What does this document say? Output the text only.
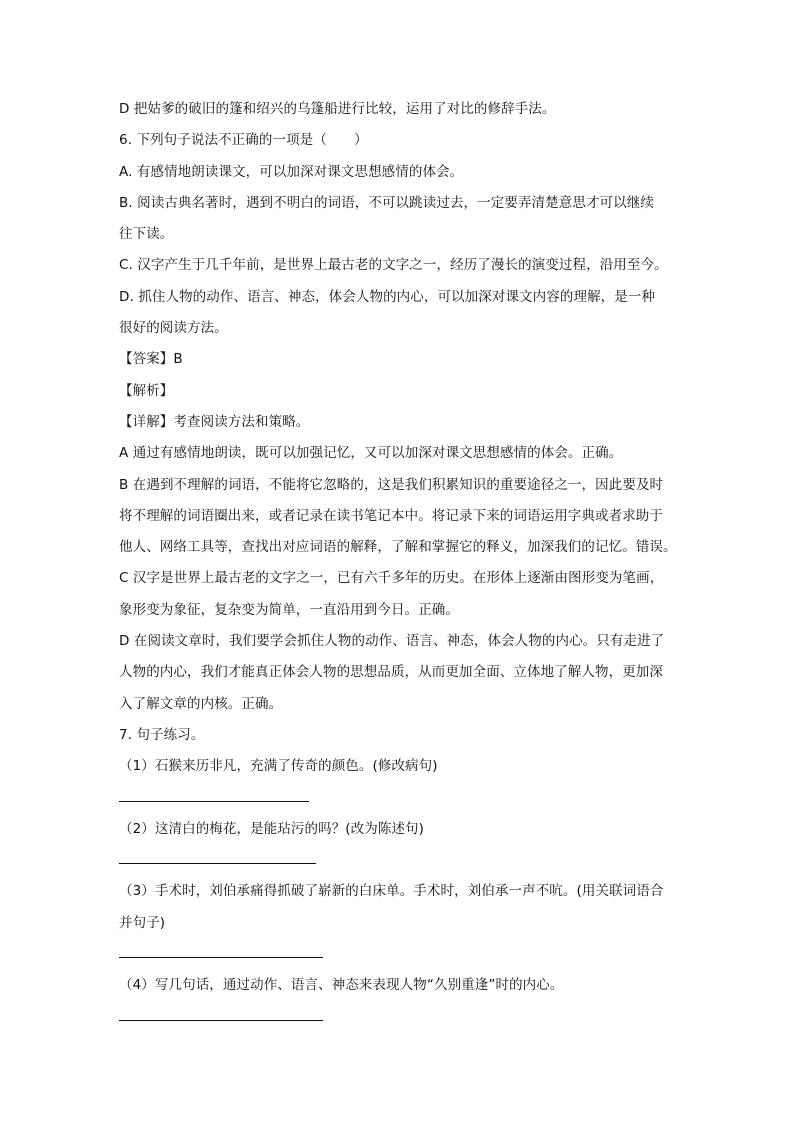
D 把姑爹的破旧的篷和绍兴的乌篷船进行比较，运用了对比的修辞手法。
6. 下列句子说法不正确的一项是（　　）
A. 有感情地朗读课文，可以加深对课文思想感情的体会。
B. 阅读古典名著时，遇到不明白的词语，不可以跳读过去，一定要弄清楚意思才可以继续
往下读。
C. 汉字产生于几千年前，是世界上最古老的文字之一，经历了漫长的演变过程，沿用至今。
D. 抓住人物的动作、语言、神态，体会人物的内心，可以加深对课文内容的理解，是一种
很好的阅读方法。
【答案】B
【解析】
【详解】考查阅读方法和策略。
A 通过有感情地朗读，既可以加强记忆，又可以加深对课文思想感情的体会。正确。
B 在遇到不理解的词语，不能将它忽略的，这是我们积累知识的重要途径之一，因此要及时
将不理解的词语圈出来，或者记录在读书笔记本中。将记录下来的词语运用字典或者求助于
他人、网络工具等，查找出对应词语的解释，了解和掌握它的释义，加深我们的记忆。错误。
C 汉字是世界上最古老的文字之一，已有六千多年的历史。在形体上逐渐由图形变为笔画，
象形变为象征，复杂变为简单，一直沿用到今日。正确。
D 在阅读文章时，我们要学会抓住人物的动作、语言、神态，体会人物的内心。只有走进了
人物的内心，我们才能真正体会人物的思想品质，从而更加全面、立体地了解人物，更加深
入了解文章的内核。正确。
7. 句子练习。
（1）石猴来历非凡，充满了传奇的颜色。(修改病句)
（2）这清白的梅花，是能玷污的吗？(改为陈述句)
（3）手术时，刘伯承痛得抓破了崭新的白床单。手术时，刘伯承一声不吭。(用关联词语合
并句子)
（4）写几句话，通过动作、语言、神态来表现人物“久别重逢”时的内心。
